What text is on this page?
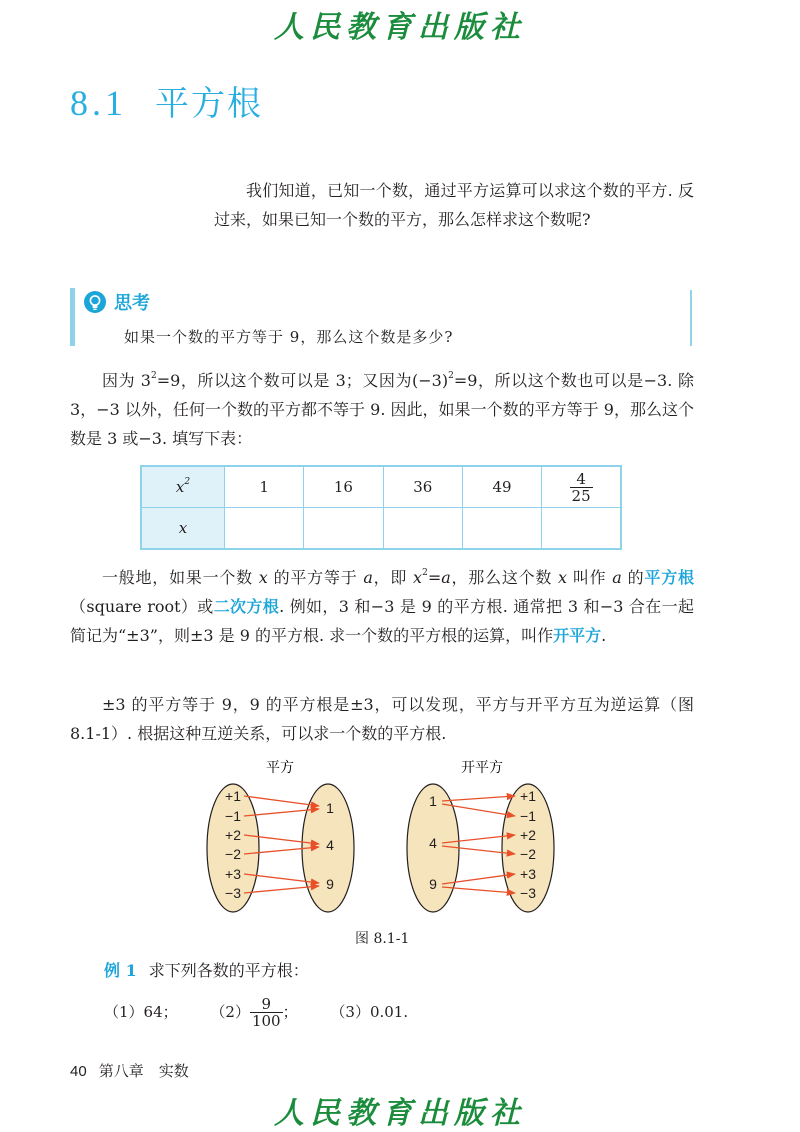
人民教育出版社
8.1 平方根
我们知道，已知一个数，通过平方运算可以求这个数的平方. 反过来，如果已知一个数的平方，那么怎样求这个数呢?
思考
如果一个数的平方等于 9，那么这个数是多少?
因为 $3^2=9$，所以这个数可以是 3；又因为$(-3)^2=9$，所以这个数也可以是−3. 除 3，−3 以外，任何一个数的平方都不等于 9. 因此，如果一个数的平方等于 9，那么这个数是 3 或−3. 填写下表：
$x^2$	1	16	36	49	$\frac{4}{25}$

x					
一般地，如果一个数 x 的平方等于 a，即 $x^2=a$，那么这个数 x 叫作 a 的平方根（square root）或二次方根. 例如，3 和−3 是 9 的平方根. 通常把 3 和−3 合在一起简记为“±3”，则±3 是 9 的平方根. 求一个数的平方根的运算，叫作开平方.
±3 的平方等于 9，9 的平方根是±3，可以发现，平方与开平方互为逆运算（图 8.1-1）. 根据这种互逆关系，可以求一个数的平方根.
平方	开平方
+1
−1
+2
−2
+3
−3
1
4
9
1
4
9
+1
−1
+2
−2
+3
−3
图 8.1-1
例 1 求下列各数的平方根：
（1）64； $(2) \frac{9}{100}$ ； （3）0.01.
40 第八章　实数
人民教育出版社
